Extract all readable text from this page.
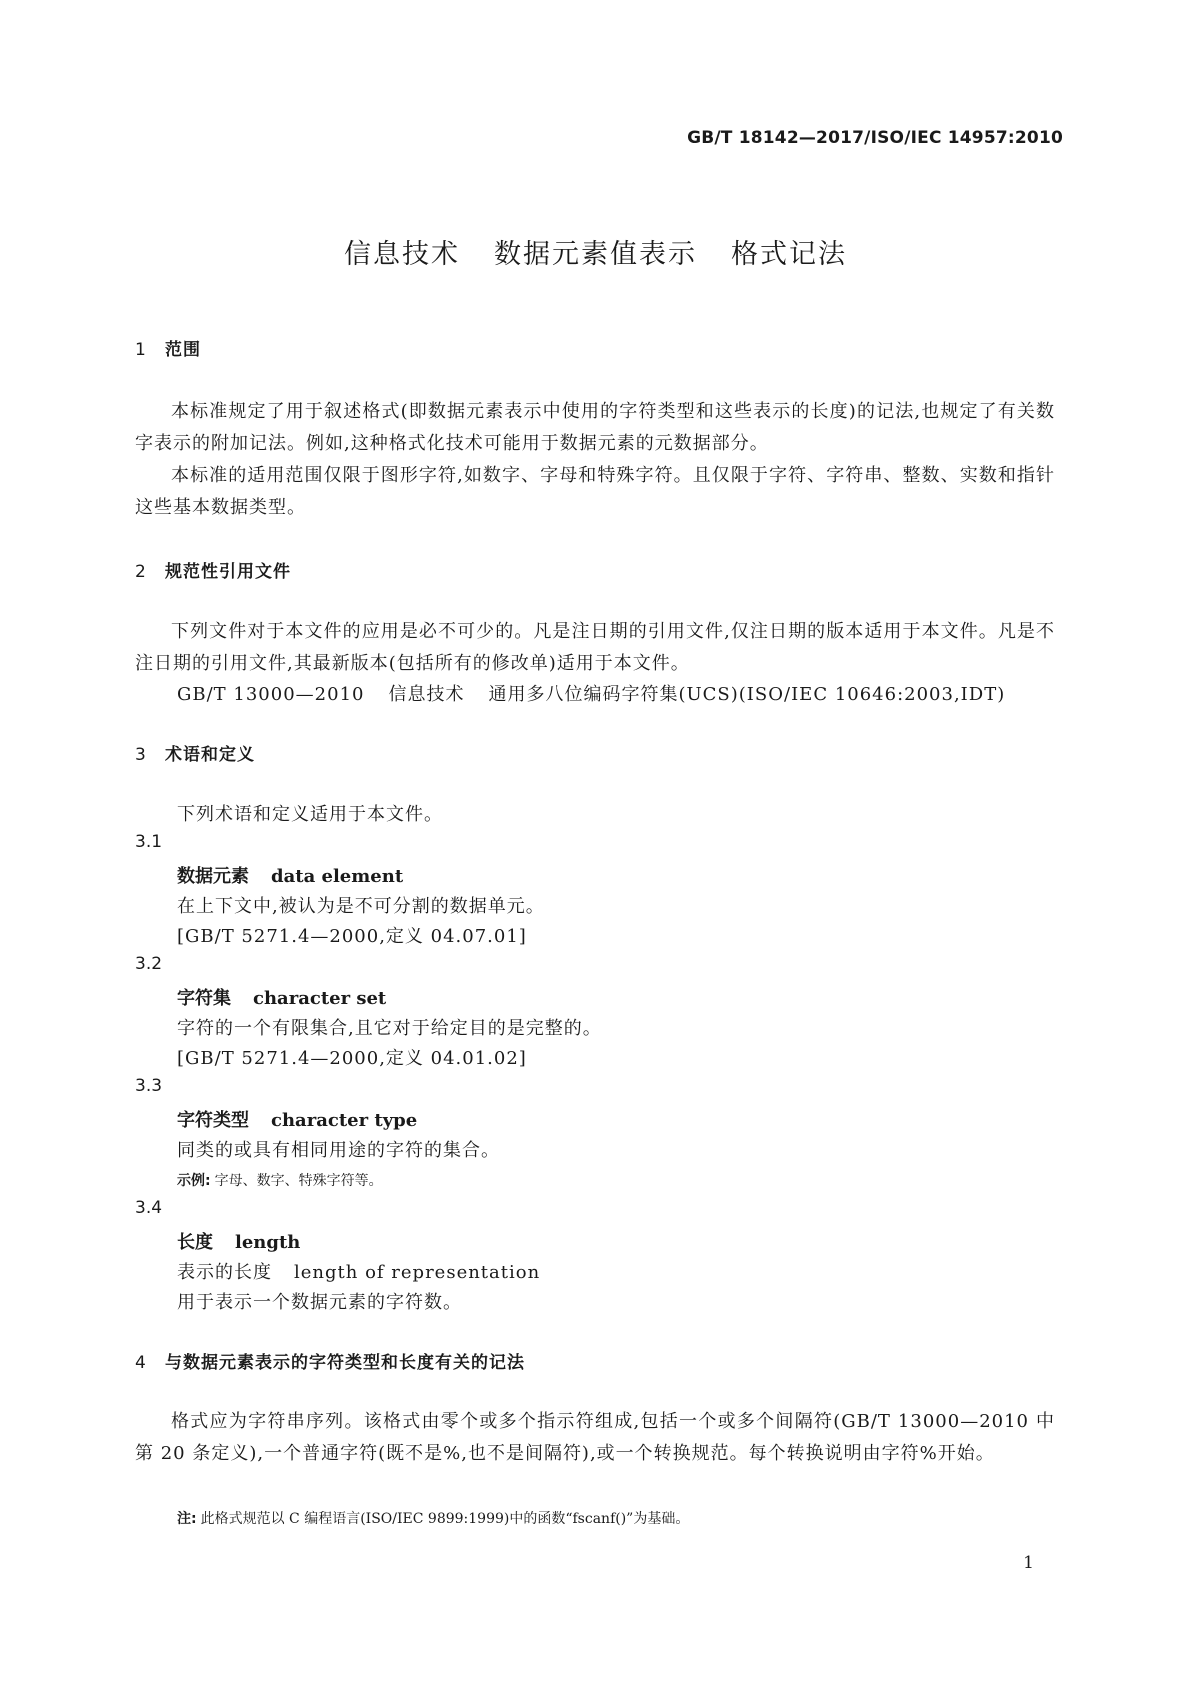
GB/T 18142—2017/ISO/IEC 14957:2010
信息技术 数据元素值表示 格式记法
1 范围
本标准规定了用于叙述格式(即数据元素表示中使用的字符类型和这些表示的长度)的记法,也规定了有关数字表示的附加记法。例如,这种格式化技术可能用于数据元素的元数据部分。
本标准的适用范围仅限于图形字符,如数字、字母和特殊字符。且仅限于字符、字符串、整数、实数和指针这些基本数据类型。
2 规范性引用文件
下列文件对于本文件的应用是必不可少的。凡是注日期的引用文件,仅注日期的版本适用于本文件。凡是不注日期的引用文件,其最新版本(包括所有的修改单)适用于本文件。
GB/T 13000—2010 信息技术 通用多八位编码字符集(UCS)(ISO/IEC 10646:2003,IDT)
3 术语和定义
下列术语和定义适用于本文件。
3.1
数据元素 data element
在上下文中,被认为是不可分割的数据单元。
[GB/T 5271.4—2000,定义 04.07.01]
3.2
字符集 character set
字符的一个有限集合,且它对于给定目的是完整的。
[GB/T 5271.4—2000,定义 04.01.02]
3.3
字符类型 character type
同类的或具有相同用途的字符的集合。
示例: 字母、数字、特殊字符等。
3.4
长度 length
表示的长度 length of representation
用于表示一个数据元素的字符数。
4 与数据元素表示的字符类型和长度有关的记法
格式应为字符串序列。该格式由零个或多个指示符组成,包括一个或多个间隔符(GB/T 13000—2010 中第 20 条定义),一个普通字符(既不是%,也不是间隔符),或一个转换规范。每个转换说明由字符%开始。
注: 此格式规范以 C 编程语言(ISO/IEC 9899:1999)中的函数“fscanf()”为基础。
1
